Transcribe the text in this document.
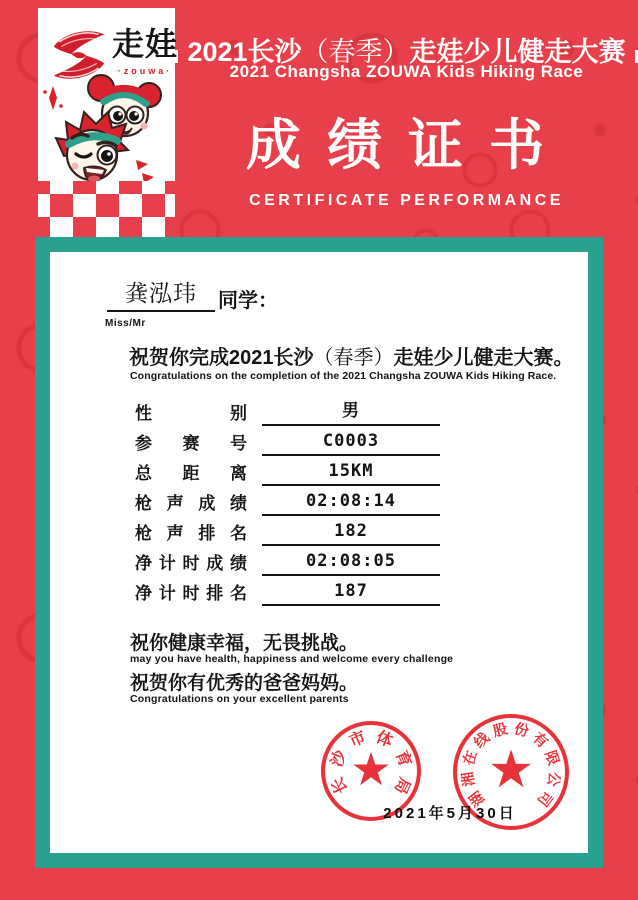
走娃
·zouwa·
2021长沙（春季）走娃少儿健走大赛
2021 Changsha ZOUWA Kids Hiking Race
成绩证书
CERTIFICATE PERFORMANCE
龚泓玮	同学：
Miss/Mr
祝贺你完成2021长沙（春季）走娃少儿健走大赛。
Congratulations on the completion of the 2021 Changsha ZOUWA Kids Hiking Race.
性	别	男
参 赛 号	C0003
总 距 离	15KM
枪 声 成 绩	02:08:14
枪 声 排 名	182
净 计 时 成 绩	02:08:05
净 计 时 排 名	187
祝你健康幸福，无畏挑战。
may you have health, happiness and welcome every challenge
祝贺你有优秀的爸爸妈妈。
Congratulations on your excellent parents
★
长
沙
市 体
育
局 ★
湖
湘
在
线
股 份
有
限
公
司
2021年5月30日
